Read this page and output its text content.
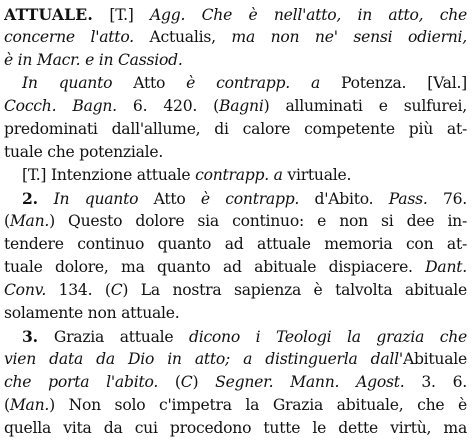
ATTUALE. [T.] Agg. Che è nell'atto, in atto, che
concerne l'atto. Actualis, ma non ne' sensi odierni,
è in Macr. e in Cassiod.
In quanto Atto è contrapp. a Potenza. [Val.]
Cocch. Bagn. 6. 420. (Bagni) alluminati e sulfurei,
predominati dall'allume, di calore competente più at-
tuale che potenziale.
[T.] Intenzione attuale contrapp. a virtuale.
2. In quanto Atto è contrapp. d'Abito. Pass. 76.
(Man.) Questo dolore sia continuo: e non si dee in-
tendere continuo quanto ad attuale memoria con at-
tuale dolore, ma quanto ad abituale dispiacere. Dant.
Conv. 134. (C) La nostra sapienza è talvolta abituale
solamente non attuale.
3. Grazia attuale dicono i Teologi la grazia che
vien data da Dio in atto; a distinguerla dall'Abituale
che porta l'abito. (C) Segner. Mann. Agost. 3. 6.
(Man.) Non solo c'impetra la Grazia abituale, che è
quella vita da cui procedono tutte le dette virtù, ma
